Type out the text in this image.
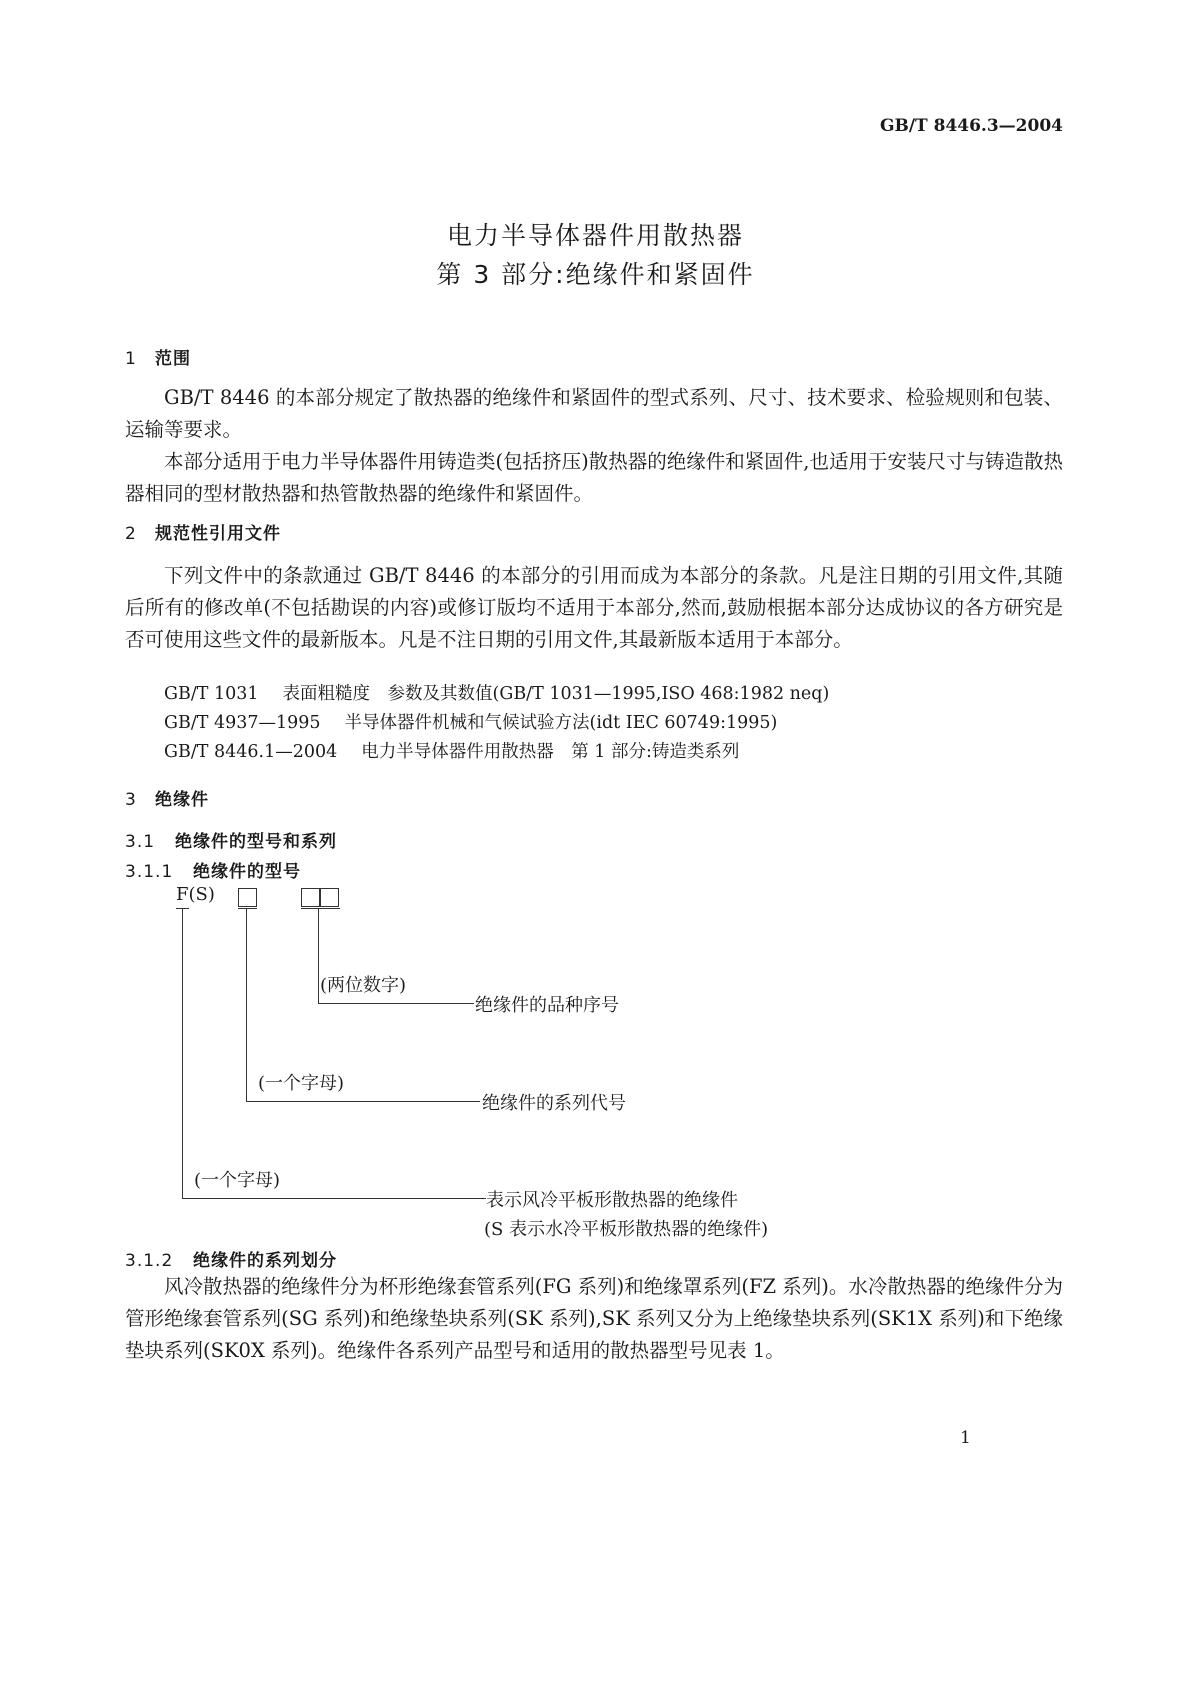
GB/T 8446.3—2004
电力半导体器件用散热器
第 3 部分:绝缘件和紧固件
1 范围
GB/T 8446 的本部分规定了散热器的绝缘件和紧固件的型式系列、尺寸、技术要求、检验规则和包装、运输等要求。
本部分适用于电力半导体器件用铸造类(包括挤压)散热器的绝缘件和紧固件,也适用于安装尺寸与铸造散热器相同的型材散热器和热管散热器的绝缘件和紧固件。
2 规范性引用文件
下列文件中的条款通过 GB/T 8446 的本部分的引用而成为本部分的条款。凡是注日期的引用文件,其随后所有的修改单(不包括勘误的内容)或修订版均不适用于本部分,然而,鼓励根据本部分达成协议的各方研究是否可使用这些文件的最新版本。凡是不注日期的引用文件,其最新版本适用于本部分。
GB/T 1031 表面粗糙度　参数及其数值(GB/T 1031—1995,ISO 468:1982 neq)
GB/T 4937—1995 半导体器件机械和气候试验方法(idt IEC 60749:1995)
GB/T 8446.1—2004 电力半导体器件用散热器　第 1 部分:铸造类系列
3 绝缘件
3.1 绝缘件的型号和系列
3.1.1 绝缘件的型号
F(S)
(两位数字)
绝缘件的品种序号
(一个字母)
绝缘件的系列代号
(一个字母)
表示风冷平板形散热器的绝缘件
(S 表示水冷平板形散热器的绝缘件)
3.1.2 绝缘件的系列划分
风冷散热器的绝缘件分为杯形绝缘套管系列(FG 系列)和绝缘罩系列(FZ 系列)。水冷散热器的绝缘件分为管形绝缘套管系列(SG 系列)和绝缘垫块系列(SK 系列),SK 系列又分为上绝缘垫块系列(SK1X 系列)和下绝缘垫块系列(SK0X 系列)。绝缘件各系列产品型号和适用的散热器型号见表 1。
1
